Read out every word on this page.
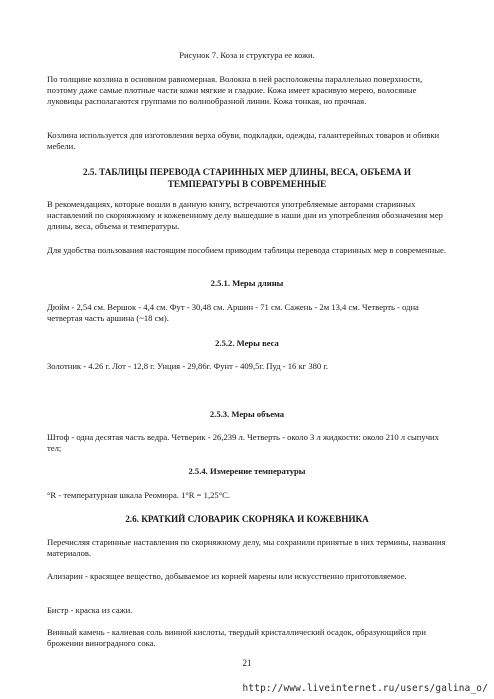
Рисунок 7. Коза и структура ее кожи.

По толщине козлина в основном равномерная. Волокна в ней расположены параллельно поверхности, поэтому даже самые плотные части кожи мягкие и гладкие. Кожа имеет красивую мерею, волосяные луковицы располагаются группами по волнообразной линии. Кожа тонкая, но прочная.

Козлина используется для изготовления верха обуви, подкладки, одежды, галантерейных товаров и обивки мебели.

2.5. ТАБЛИЦЫ ПЕРЕВОДА СТАРИННЫХ МЕР ДЛИНЫ, ВЕСА, ОБЪЕМА И ТЕМПЕРАТУРЫ В СОВРЕМЕННЫЕ

В рекомендациях, которые вошли в данную книгу, встречаются употребляемые авторами старинных наставлений по скорняжному и кожевенному делу вышедшие в наши дни из употребления обозначения мер длины, веса, объема и температуры.

Для удобства пользования настоящим пособием приводим таблицы перевода старинных мер в современные.

2.5.1. Меры длины

Дюйм - 2,54 см. Вершок - 4,4 см. Фут - 30,48 см. Аршин - 71 см. Сажень - 2м 13,4 см. Четверть - одна четвертая часть аршина (~18 см).

2.5.2. Меры веса

Золотник - 4.26 г. Лот - 12,8 г. Унция - 29,86г. Фунт - 409,5г. Пуд - 16 кг 380 г.

2.5.3. Меры объема

Штоф - одна десятая часть ведра. Четверик - 26,239 л. Четверть - около 3 л жидкости: около 210 л сыпучих тел;

2.5.4. Измерение температуры

°R - температурная шкала Реомюра. 1°R = 1,25°С.

2.6. КРАТКИЙ СЛОВАРИК СКОРНЯКА И КОЖЕВНИКА

Перечисляя старинные наставления по скорняжному делу, мы сохранили принятые в них термины, названия материалов.

Ализарин - красящее вещество, добываемое из корней марены или искусственно приготовляемое.

Бистр - краска из сажи.

Винный камень - калиевая соль винной кислоты, твердый кристаллический осадок, образующийся при брожении виноградного сока.

21
http://www.liveinternet.ru/users/galina_o/
